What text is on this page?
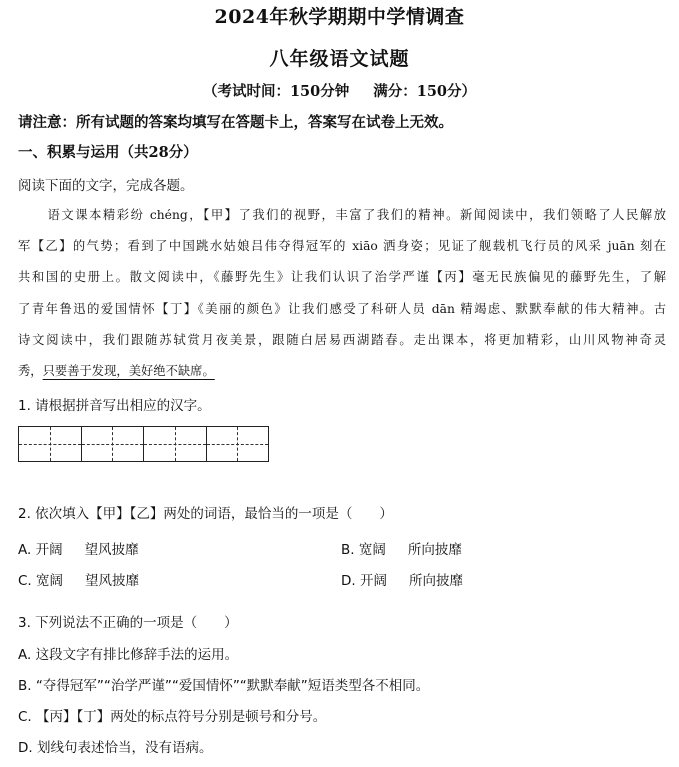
2024年秋学期期中学情调查
八年级语文试题
（考试时间：150分钟 满分：150分）
请注意：所有试题的答案均填写在答题卡上，答案写在试卷上无效。
一、积累与运用（共28分）
阅读下面的文字，完成各题。
语文课本精彩纷 chéng，【甲】了我们的视野，丰富了我们的精神。新闻阅读中，我们领略了人民解放
军【乙】的气势；看到了中国跳水姑娘吕伟夺得冠军的 xiāo 洒身姿；见证了舰载机飞行员的风采 juān 刻在
共和国的史册上。散文阅读中，《藤野先生》让我们认识了治学严谨【丙】毫无民族偏见的藤野先生，了解
了青年鲁迅的爱国情怀【丁】《美丽的颜色》让我们感受了科研人员 dān 精竭虑、默默奉献的伟大精神。古
诗文阅读中，我们跟随苏轼赏月夜美景，跟随白居易西湖踏春。走出课本，将更加精彩，山川风物神奇灵
秀，只要善于发现，美好绝不缺席。
1. 请根据拼音写出相应的汉字。
2. 依次填入【甲】【乙】两处的词语，最恰当的一项是（　　）
A. 开阔 望风披靡	B. 宽阔 所向披靡
C. 宽阔 望风披靡	D. 开阔 所向披靡
3. 下列说法不正确的一项是（　　）
A. 这段文字有排比修辞手法的运用。
B. “夺得冠军”“治学严谨”“爱国情怀”“默默奉献”短语类型各不相同。
C. 【丙】【丁】两处的标点符号分别是顿号和分号。
D. 划线句表述恰当，没有语病。
